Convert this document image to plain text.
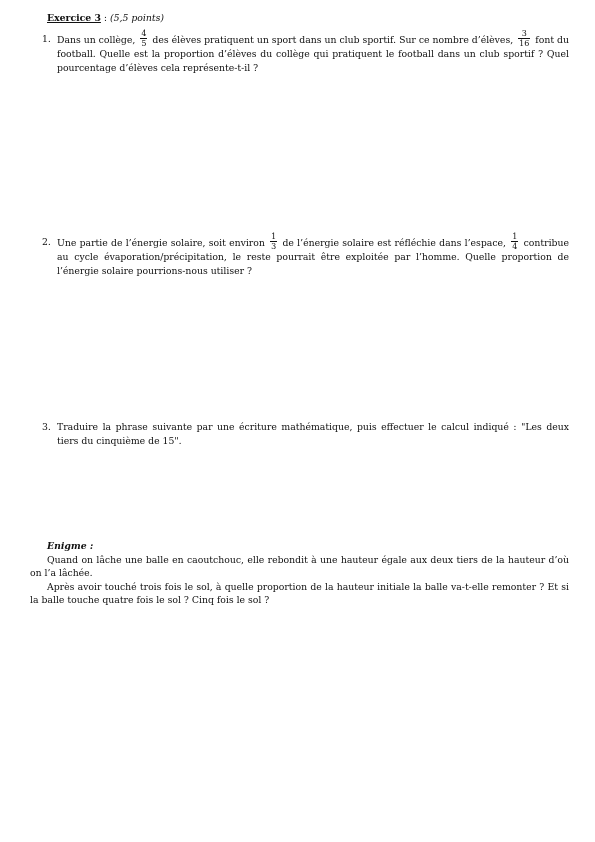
Exercice 3 : (5,5 points)
1. Dans un collège, $\frac{4}{5}$ des élèves pratiquent un sport dans un club sportif. Sur ce nombre d’élèves, $\frac{3}{16}$ font du football. Quelle est la proportion d’élèves du collège qui pratiquent le football dans un club sportif ? Quel pourcentage d’élèves cela représente-t-il ?
2. Une partie de l’énergie solaire, soit environ $\frac{1}{3}$ de l’énergie solaire est réfléchie dans l’espace, $\frac{1}{4}$ contribue au cycle évaporation/précipitation, le reste pourrait être exploitée par l’homme. Quelle proportion de l’énergie solaire pourrions-nous utiliser ?
3. Traduire la phrase suivante par une écriture mathématique, puis effectuer le calcul indiqué : "Les deux tiers du cinquième de 15".
Enigme :

Quand on lâche une balle en caoutchouc, elle rebondit à une hauteur égale aux deux tiers de la hauteur d’où on l’a lâchée.

Après avoir touché trois fois le sol, à quelle proportion de la hauteur initiale la balle va-t-elle remonter ? Et si la balle touche quatre fois le sol ? Cinq fois le sol ?
